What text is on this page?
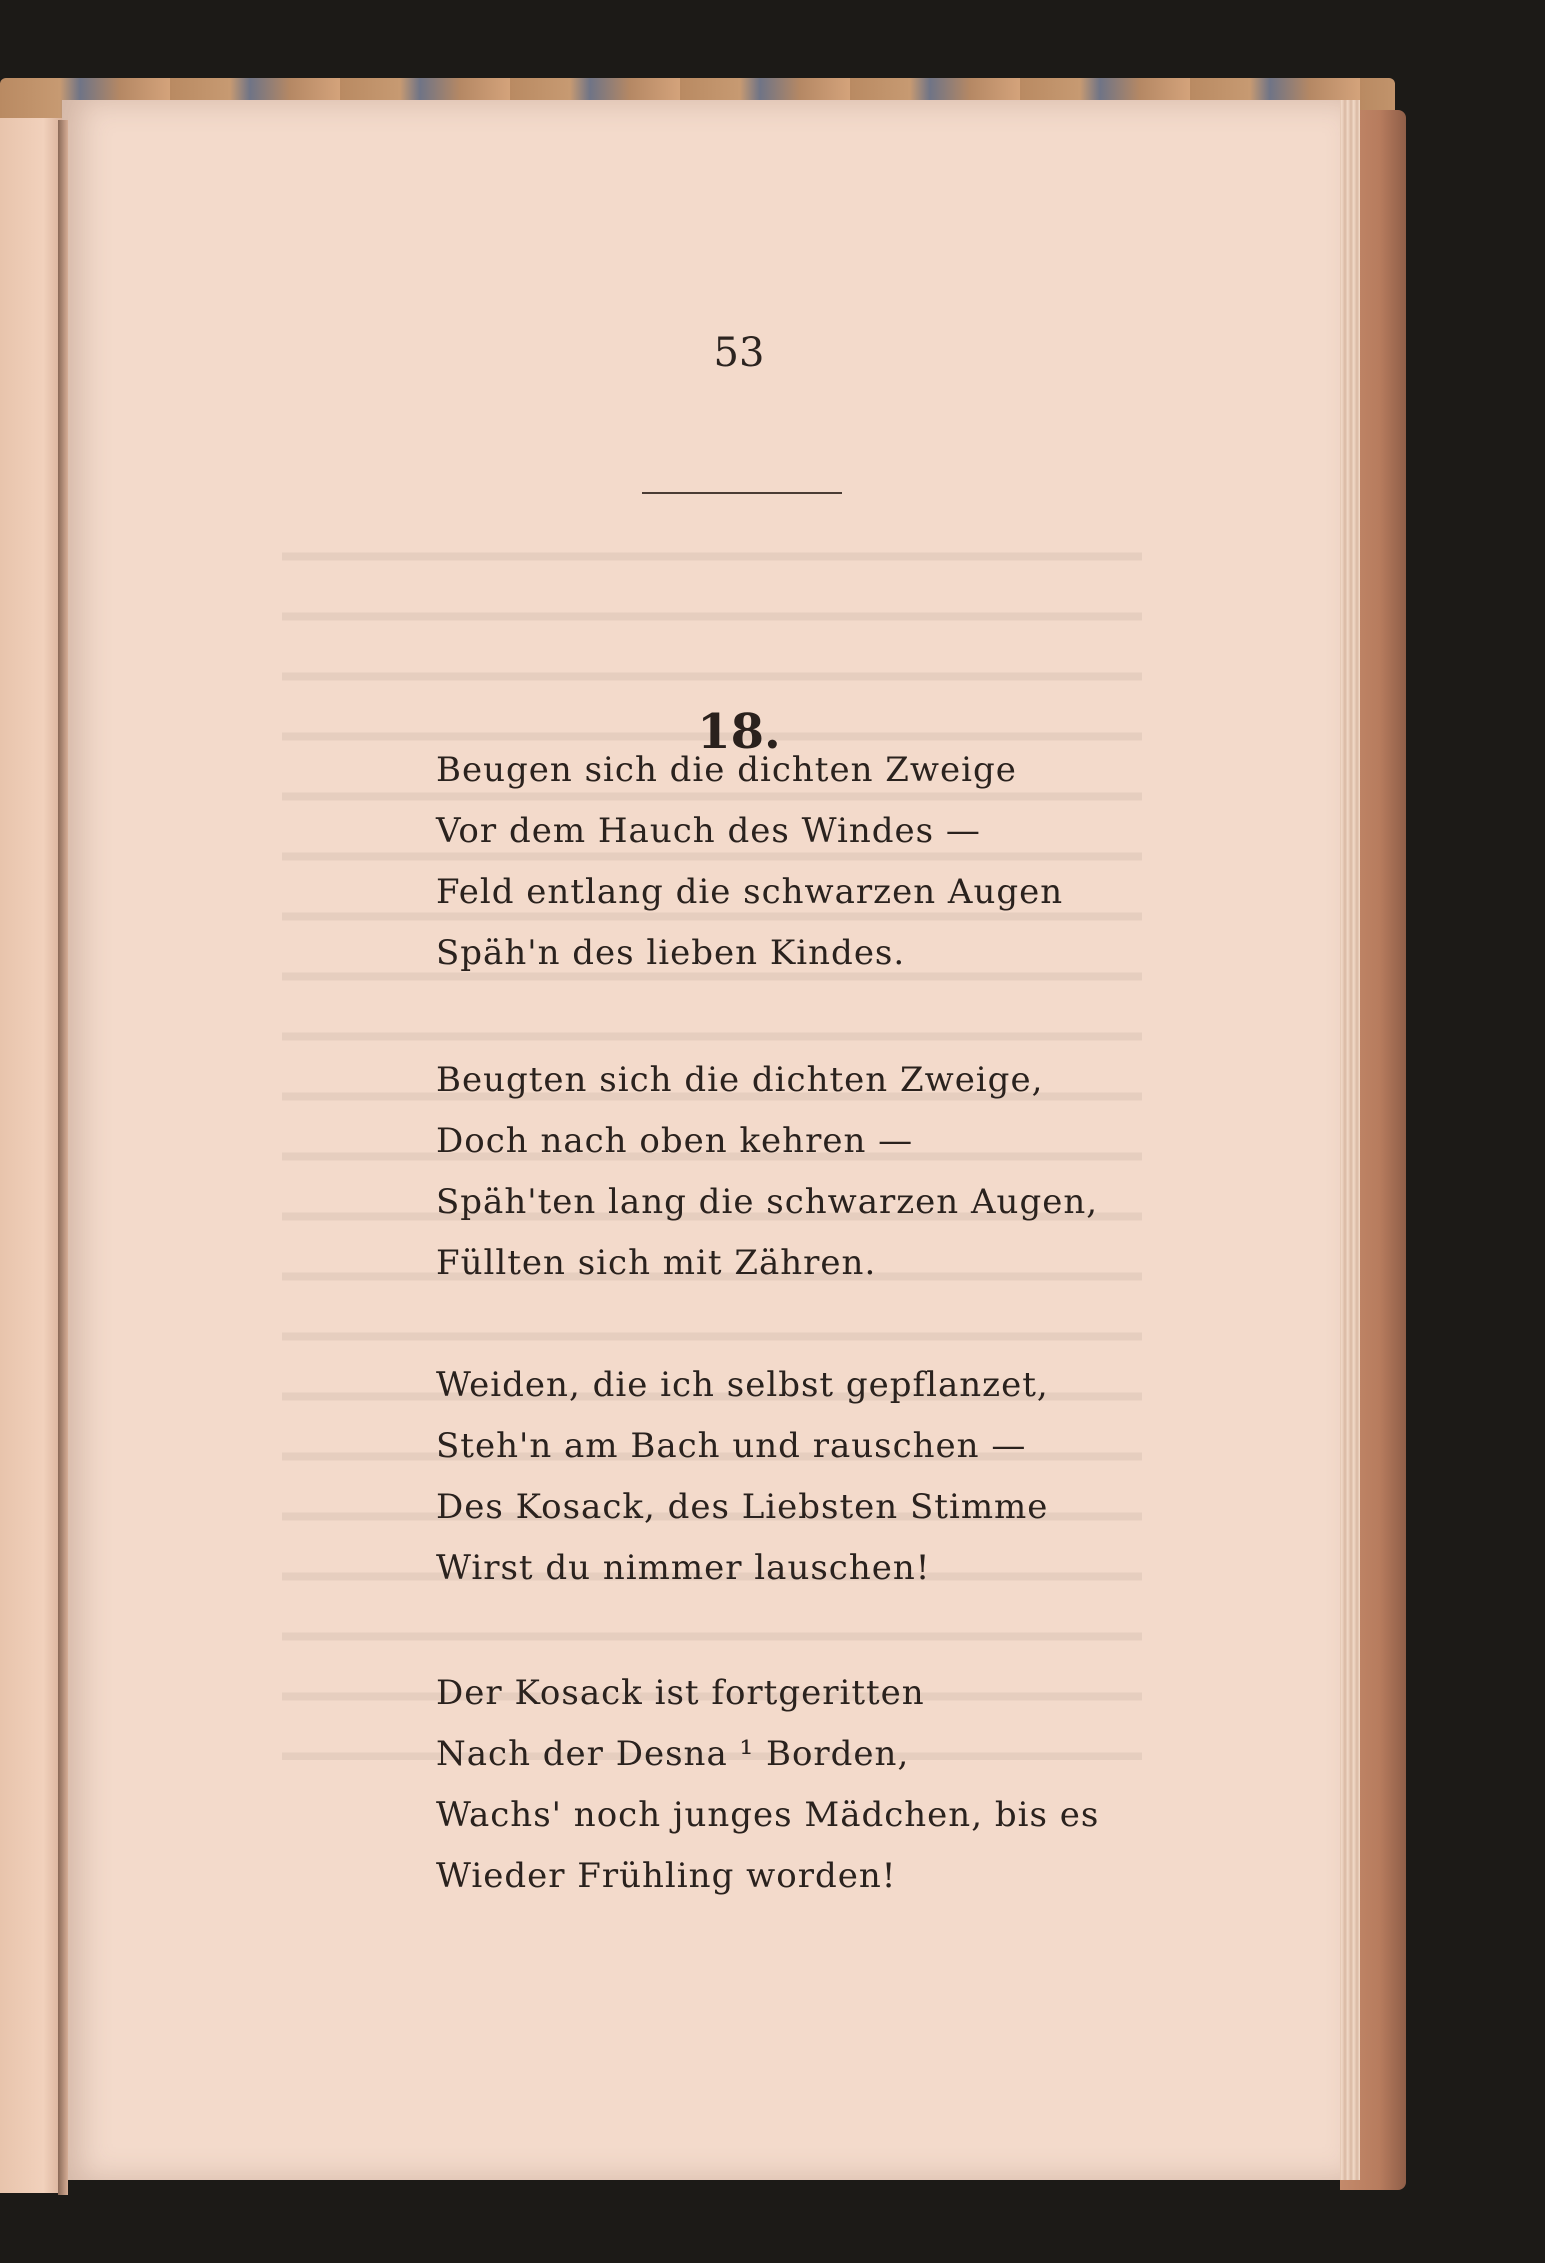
53
18.
Beugen sich die dichten Zweige
Vor dem Hauch des Windes —
Feld entlang die schwarzen Augen
Späh'n des lieben Kindes.
Beugten sich die dichten Zweige,
Doch nach oben kehren —
Späh'ten lang die schwarzen Augen,
Füllten sich mit Zähren.
Weiden, die ich selbst gepflanzet,
Steh'n am Bach und rauschen —
Des Kosack, des Liebsten Stimme
Wirst du nimmer lauschen!
Der Kosack ist fortgeritten
Nach der Desna ¹ Borden,
Wachs' noch junges Mädchen, bis es
Wieder Frühling worden!
